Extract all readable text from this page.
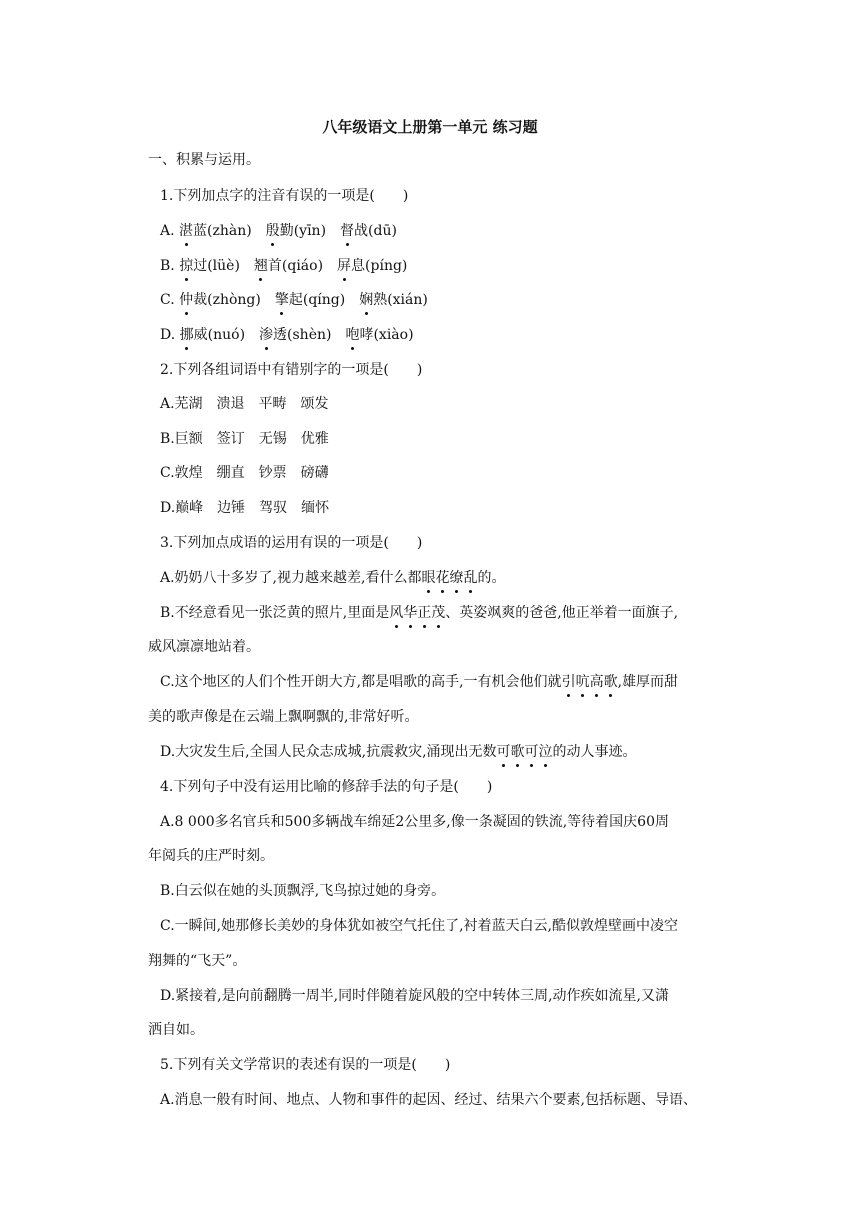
八年级语文上册第一单元 练习题
一、积累与运用。
1.下列加点字的注音有误的一项是(　　)
A. 湛蓝(zhàn) 殷勤(yīn) 督战(dū)
B. 掠过(lüè) 翘首(qiáo) 屏息(píng)
C. 仲裁(zhòng) 擎起(qíng) 娴熟(xián)
D. 挪威(nuó) 渗透(shèn) 咆哮(xiào)
2.下列各组词语中有错别字的一项是(　　)
A.芜湖　溃退　平畴　颂发
B.巨额　签订　无锡　优雅
C.敦煌　绷直　钞票　磅礴
D.巅峰　边锤　驾驭　缅怀
3.下列加点成语的运用有误的一项是(　　)
A.奶奶八十多岁了,视力越来越差,看什么都眼花缭乱的。
B.不经意看见一张泛黄的照片,里面是风华正茂、英姿飒爽的爸爸,他正举着一面旗子,
威风凛凛地站着。
C.这个地区的人们个性开朗大方,都是唱歌的高手,一有机会他们就引吭高歌,雄厚而甜
美的歌声像是在云端上飘啊飘的,非常好听。
D.大灾发生后,全国人民众志成城,抗震救灾,涌现出无数可歌可泣的动人事迹。
4.下列句子中没有运用比喻的修辞手法的句子是(　　)
A.8 000多名官兵和500多辆战车绵延2公里多,像一条凝固的铁流,等待着国庆60周
年阅兵的庄严时刻。
B.白云似在她的头顶飘浮,飞鸟掠过她的身旁。
C.一瞬间,她那修长美妙的身体犹如被空气托住了,衬着蓝天白云,酷似敦煌壁画中凌空
翔舞的“飞天”。
D.紧接着,是向前翻腾一周半,同时伴随着旋风般的空中转体三周,动作疾如流星,又潇
洒自如。
5.下列有关文学常识的表述有误的一项是(　　)
A.消息一般有时间、地点、人物和事件的起因、经过、结果六个要素,包括标题、导语、
